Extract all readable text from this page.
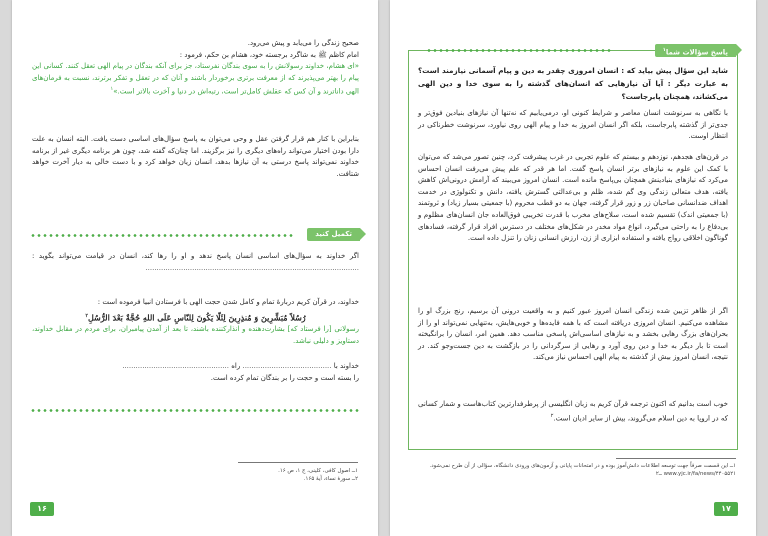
صحیح زندگی را می‌یابد و پیش می‌رود.

امام کاظم ﷺ به شاگرد برجسته خود، هشام بن حکم، فرمود :

«ای هشام، خداوند رسولانش را به سوی بندگان نفرستاد، جز برای آنکه بندگان در پیام الهی تعقل کنند. کسانی این پیام را بهتر می‌پذیرند که از معرفت برتری برخوردار باشند و آنان که در تعقل و تفکر برترند، نسبت به فرمان‌های الهی داناترند و آن کس که عقلش کامل‌تر است، رتبه‌اش در دنیا و آخرت بالاتر است.»$^۱$

بنابراین با کنار هم قرار گرفتن عقل و وحی می‌توان به پاسخ سؤال‌های اساسی دست یافت. البته انسان به علت دارا بودن اختیار می‌تواند راه‌های دیگری را نیز برگزیند. اما چنان‌که گفته شد، چون هر برنامه دیگری غیر از برنامه خداوند نمی‌تواند پاسخ درستی به آن نیازها بدهد، انسان زیان خواهد کرد و با دست خالی به دیار آخرت خواهد شتافت.

تکمیل کنید

اگر خداوند به سؤال‌های اساسی انسان پاسخ ندهد و او را رها کند، انسان در قیامت می‌تواند بگوید : ................................................................................................

خداوند، در قرآن کریم دربارهٔ تمام و کامل شدن حجت الهی با فرستادن انبیا فرموده است :

رُسُلاً مُبَشِّرِينَ وَ مُنذِرِينَ لِئَلّا يَكُونَ لِلنّاسِ عَلَى اللهِ حُجَّةٌ بَعْدَ الرُّسُلِ$^۲$

رسولانی [را فرستاد که] بشارت‌دهنده و انذارکننده باشند، تا بعد از آمدن پیامبران، برای مردم در مقابل خداوند، دستاویز و دلیلی نباشد.

خداوند با ........................................ راه ................................................

را بسته است و حجت را بر بندگان تمام کرده است.

۱ــ اصول کافی، کلینی، ج ۱، ص ۱۶.

۲ــ سورهٔ نساء، آیهٔ ۱۶۵.

۱۶
پاسخ سؤالات شما$^۱$

شاید این سؤال پیش بیاید که : انسان امروزی چقدر به دین و پیام آسمانی نیازمند است؟ به عبارت دیگر : آیا آن نیازهایی که انسان‌های گذشته را به سوی خدا و دین الهی می‌کشاند، همچنان پابرجاست؟

با نگاهی به سرنوشت انسان معاصر و شرایط کنونی او، درمی‌یابیم که نه‌تنها آن نیازهای بنیادین فوق‌تر و جدی‌تر از گذشته پابرجاست، بلکه اگر انسان امروز به خدا و پیام الهی روی نیاورد، سرنوشت خطرناکی در انتظار اوست.

در قرن‌های هجدهم، نوزدهم و بیستم که علوم تجربی در غرب پیشرفت کرد، چنین تصور می‌شد که می‌توان با کمک این علوم به نیازهای برتر انسان پاسخ گفت. اما هر قدر که علم پیش می‌رفت انسان احساس می‌کرد که نیازهای بنیادینش همچنان بی‌پاسخ مانده است. انسان امروز می‌بیند که آرامش درونی‌اش کاهش یافته، هدف متعالی زندگی وی گم شده، ظلم و بی‌عدالتی گسترش یافته، دانش و تکنولوژی در خدمت اهداف ضدانسانی صاحبان زر و زور قرار گرفته، جهان به دو قطب محروم (با جمعیتی بسیار زیاد) و ثروتمند (با جمعیتی اندک) تقسیم شده است، سلاح‌های مخرب با قدرت تخریبی فوق‌العاده جان انسان‌های مظلوم و بی‌دفاع را به راحتی می‌گیرد، انواع مواد مخدر در شکل‌های مختلف در دسترس افراد قرار گرفته، فسادهای گوناگون اخلاقی رواج یافته و استفاده ابزاری از زن، ارزش انسانی زنان را تنزل داده است.

اگر از ظاهر تزیین شده زندگی انسان امروز عبور کنیم و به واقعیت درونی آن برسیم، رنج بزرگ او را مشاهده می‌کنیم. انسان امروزی دریافته است که با همه فایده‌ها و خوبی‌هایش، به‌تنهایی نمی‌تواند او را از بحران‌های بزرگ رهایی بخشد و به نیازهای اساسی‌اش پاسخی مناسب دهد. همین امر، انسان را برانگیخته است تا بار دیگر به خدا و دین روی آورد و رهایی از سرگردانی را در بازگشت به دین جست‌وجو کند. در نتیجه، انسان امروز بیش از گذشته به پیام الهی احساس نیاز می‌کند.

خوب است بدانیم که اکنون ترجمه قرآن کریم به زبان انگلیسی از پرطرفدارترین کتاب‌هاست و شمار کسانی که در اروپا به دین اسلام می‌گروند، بیش از سایر ادیان است.$^۲$

۱ــ این قسمت صرفاً جهت توسعه اطلاعات دانش‌آموز بوده و در امتحانات پایانی و آزمون‌های ورودی دانشگاه، سؤالی از آن طرح نمی‌شود.

۲ــ www.yjc.ir/fa/news/۴۴۰۵۵۲۱

۱۷
